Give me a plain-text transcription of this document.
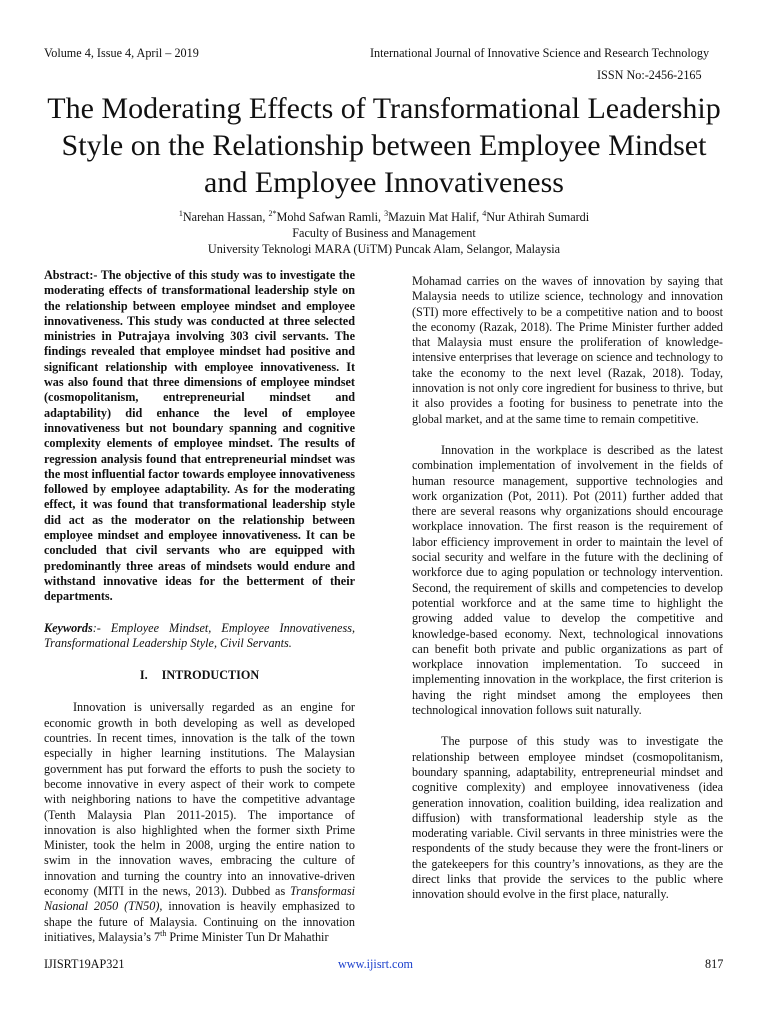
Volume 4, Issue 4, April – 2019	International Journal of Innovative Science and Research Technology
ISSN No:-2456-2165
The Moderating Effects of Transformational Leadership Style on the Relationship between Employee Mindset and Employee Innovativeness
$^1$Narehan Hassan, $^{2*}$Mohd Safwan Ramli, $^3$Mazuin Mat Halif, $^4$Nur Athirah Sumardi
Faculty of Business and Management
University Teknologi MARA (UiTM) Puncak Alam, Selangor, Malaysia

Abstract:- The objective of this study was to investigate the moderating effects of transformational leadership style on the relationship between employee mindset and employee innovativeness. This study was conducted at three selected ministries in Putrajaya involving 303 civil servants. The findings revealed that employee mindset had positive and significant relationship with employee innovativeness. It was also found that three dimensions of employee mindset (cosmopolitanism, entrepreneurial mindset and adaptability) did enhance the level of employee innovativeness but not boundary spanning and cognitive complexity elements of employee mindset. The results of regression analysis found that entrepreneurial mindset was the most influential factor towards employee innovativeness followed by employee adaptability. As for the moderating effect, it was found that transformational leadership style did act as the moderator on the relationship between employee mindset and employee innovativeness. It can be concluded that civil servants who are equipped with predominantly three areas of mindsets would endure and withstand innovative ideas for the betterment of their departments.

Keywords:- Employee Mindset, Employee Innovativeness, Transformational Leadership Style, Civil Servants.

I. INTRODUCTION

Innovation is universally regarded as an engine for economic growth in both developing as well as developed countries. In recent times, innovation is the talk of the town especially in higher learning institutions. The Malaysian government has put forward the efforts to push the society to become innovative in every aspect of their work to compete with neighboring nations to have the competitive advantage (Tenth Malaysia Plan 2011-2015). The importance of innovation is also highlighted when the former sixth Prime Minister, took the helm in 2008, urging the entire nation to swim in the innovation waves, embracing the culture of innovation and turning the country into an innovative-driven economy (MITI in the news, 2013). Dubbed as Transformasi Nasional 2050 (TN50), innovation is heavily emphasized to shape the future of Malaysia. Continuing on the innovation initiatives, Malaysia’s 7th Prime Minister Tun Dr Mahathir

Mohamad carries on the waves of innovation by saying that Malaysia needs to utilize science, technology and innovation (STI) more effectively to be a competitive nation and to boost the economy (Razak, 2018). The Prime Minister further added that Malaysia must ensure the proliferation of knowledge-intensive enterprises that leverage on science and technology to take the economy to the next level (Razak, 2018). Today, innovation is not only core ingredient for business to thrive, but it also provides a footing for business to penetrate into the global market, and at the same time to remain competitive.

Innovation in the workplace is described as the latest combination implementation of involvement in the fields of human resource management, supportive technologies and work organization (Pot, 2011). Pot (2011) further added that there are several reasons why organizations should encourage workplace innovation. The first reason is the requirement of labor efficiency improvement in order to maintain the level of social security and welfare in the future with the declining of workforce due to aging population or technology intervention. Second, the requirement of skills and competencies to develop potential workforce and at the same time to highlight the growing added value to develop the competitive and knowledge-based economy. Next, technological innovations can benefit both private and public organizations as part of workplace innovation implementation. To succeed in implementing innovation in the workplace, the first criterion is having the right mindset among the employees then technological innovation follows suit naturally.

The purpose of this study was to investigate the relationship between employee mindset (cosmopolitanism, boundary spanning, adaptability, entrepreneurial mindset and cognitive complexity) and employee innovativeness (idea generation innovation, coalition building, idea realization and diffusion) with transformational leadership style as the moderating variable. Civil servants in three ministries were the respondents of the study because they were the front-liners or the gatekeepers for this country’s innovations, as they are the direct links that provide the services to the public where innovation should evolve in the first place, naturally.

IJISRT19AP321	www.ijisrt.com	817
